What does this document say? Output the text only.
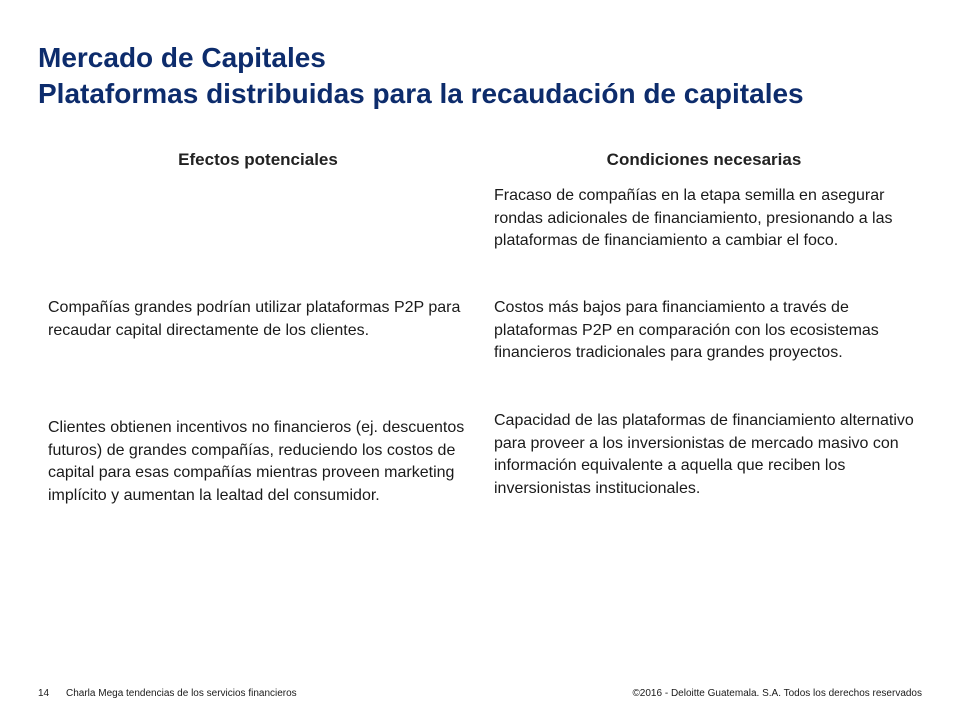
Mercado de Capitales
Plataformas distribuidas para la recaudación de capitales
Efectos potenciales	Condiciones necesarias
Compañías grandes podrían utilizar plataformas P2P para recaudar capital directamente de los clientes.
Clientes obtienen incentivos no financieros (ej. descuentos futuros) de grandes compañías, reduciendo los costos de capital para esas compañías mientras proveen marketing implícito y aumentan la lealtad del consumidor.
Fracaso de compañías en la etapa semilla en asegurar rondas adicionales de financiamiento, presionando a las plataformas de financiamiento a cambiar el foco.
Costos más bajos para financiamiento a través de plataformas P2P en comparación con los ecosistemas financieros tradicionales para grandes proyectos.
Capacidad de las plataformas de financiamiento alternativo para proveer a los inversionistas de mercado masivo con información equivalente a aquella que reciben los inversionistas institucionales.
14 Charla Mega tendencias de los servicios financieros	©2016 - Deloitte Guatemala. S.A. Todos los derechos reservados
